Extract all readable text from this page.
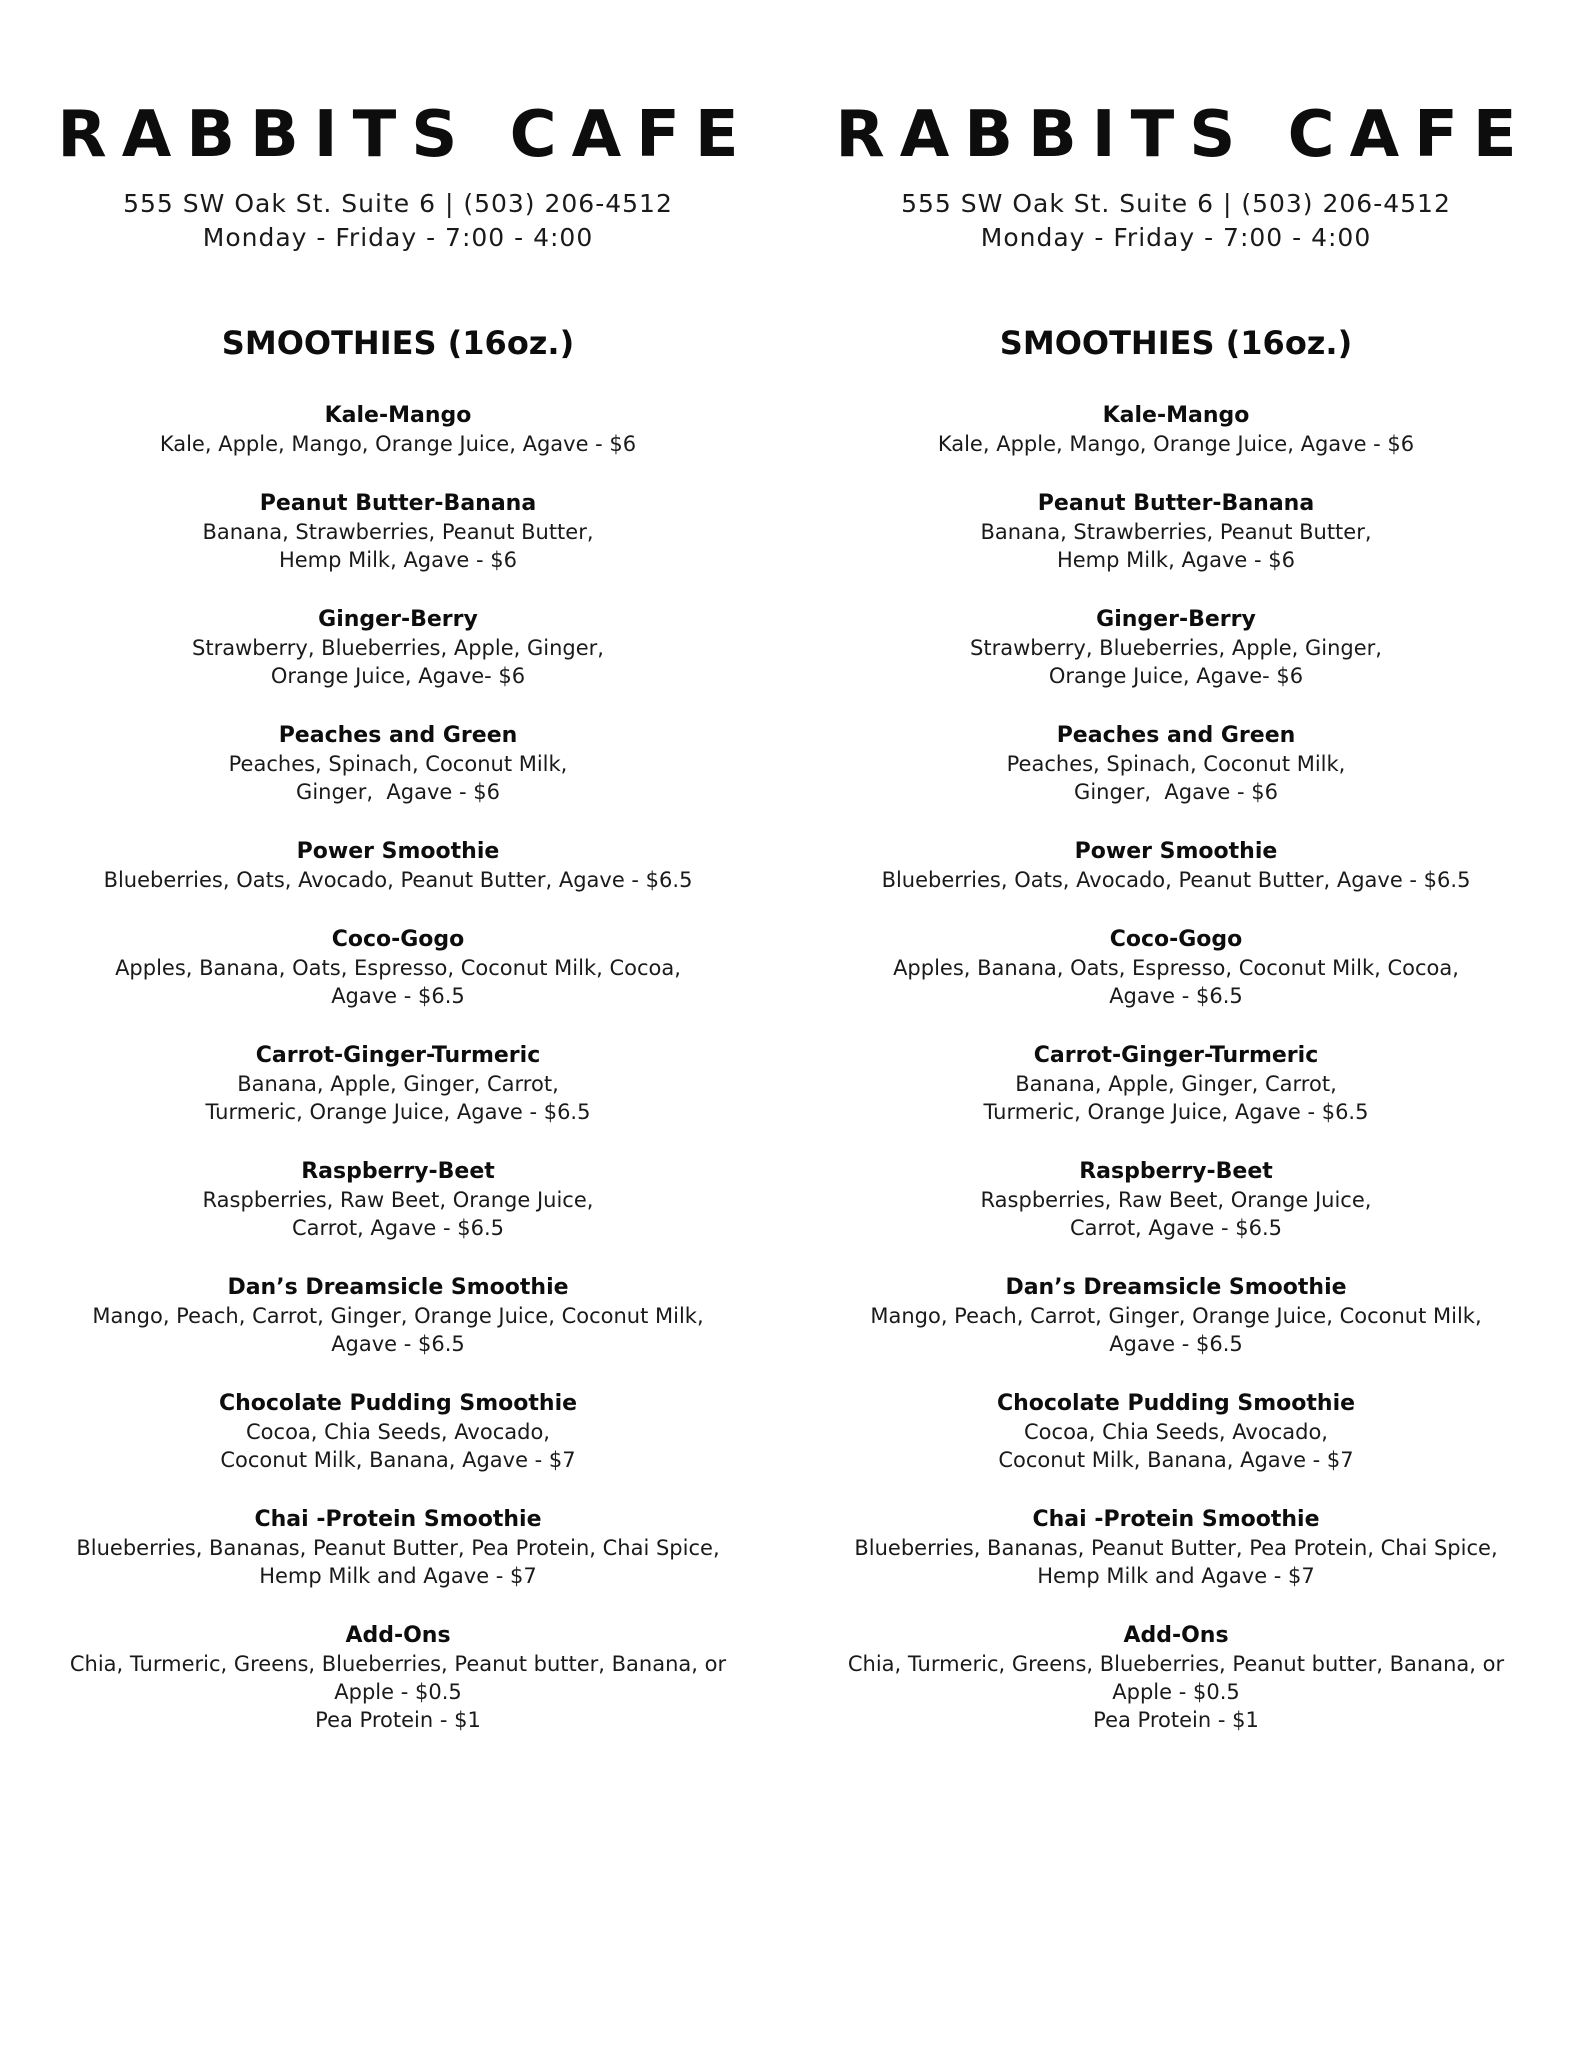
RABBITS CAFE
555 SW Oak St. Suite 6 | (503) 206-4512
Monday - Friday - 7:00 - 4:00
SMOOTHIES (16oz.)
Kale-Mango
Kale, Apple, Mango, Orange Juice, Agave - $6
Peanut Butter-Banana
Banana, Strawberries, Peanut Butter,
Hemp Milk, Agave - $6
Ginger-Berry
Strawberry, Blueberries, Apple, Ginger,
Orange Juice, Agave- $6
Peaches and Green
Peaches, Spinach, Coconut Milk,
Ginger,  Agave - $6
Power Smoothie
Blueberries, Oats, Avocado, Peanut Butter, Agave - $6.5
Coco-Gogo
Apples, Banana, Oats, Espresso, Coconut Milk, Cocoa,
Agave - $6.5
Carrot-Ginger-Turmeric
Banana, Apple, Ginger, Carrot,
Turmeric, Orange Juice, Agave - $6.5
Raspberry-Beet
Raspberries, Raw Beet, Orange Juice,
Carrot, Agave - $6.5
Dan’s Dreamsicle Smoothie
Mango, Peach, Carrot, Ginger, Orange Juice, Coconut Milk,
Agave - $6.5
Chocolate Pudding Smoothie
Cocoa, Chia Seeds, Avocado,
Coconut Milk, Banana, Agave - $7
Chai -Protein Smoothie
Blueberries, Bananas, Peanut Butter, Pea Protein, Chai Spice,
Hemp Milk and Agave - $7
Add-Ons
Chia, Turmeric, Greens, Blueberries, Peanut butter, Banana, or
Apple - $0.5
Pea Protein - $1
RABBITS CAFE
555 SW Oak St. Suite 6 | (503) 206-4512
Monday - Friday - 7:00 - 4:00
SMOOTHIES (16oz.)
Kale-Mango
Kale, Apple, Mango, Orange Juice, Agave - $6
Peanut Butter-Banana
Banana, Strawberries, Peanut Butter,
Hemp Milk, Agave - $6
Ginger-Berry
Strawberry, Blueberries, Apple, Ginger,
Orange Juice, Agave- $6
Peaches and Green
Peaches, Spinach, Coconut Milk,
Ginger,  Agave - $6
Power Smoothie
Blueberries, Oats, Avocado, Peanut Butter, Agave - $6.5
Coco-Gogo
Apples, Banana, Oats, Espresso, Coconut Milk, Cocoa,
Agave - $6.5
Carrot-Ginger-Turmeric
Banana, Apple, Ginger, Carrot,
Turmeric, Orange Juice, Agave - $6.5
Raspberry-Beet
Raspberries, Raw Beet, Orange Juice,
Carrot, Agave - $6.5
Dan’s Dreamsicle Smoothie
Mango, Peach, Carrot, Ginger, Orange Juice, Coconut Milk,
Agave - $6.5
Chocolate Pudding Smoothie
Cocoa, Chia Seeds, Avocado,
Coconut Milk, Banana, Agave - $7
Chai -Protein Smoothie
Blueberries, Bananas, Peanut Butter, Pea Protein, Chai Spice,
Hemp Milk and Agave - $7
Add-Ons
Chia, Turmeric, Greens, Blueberries, Peanut butter, Banana, or
Apple - $0.5
Pea Protein - $1
